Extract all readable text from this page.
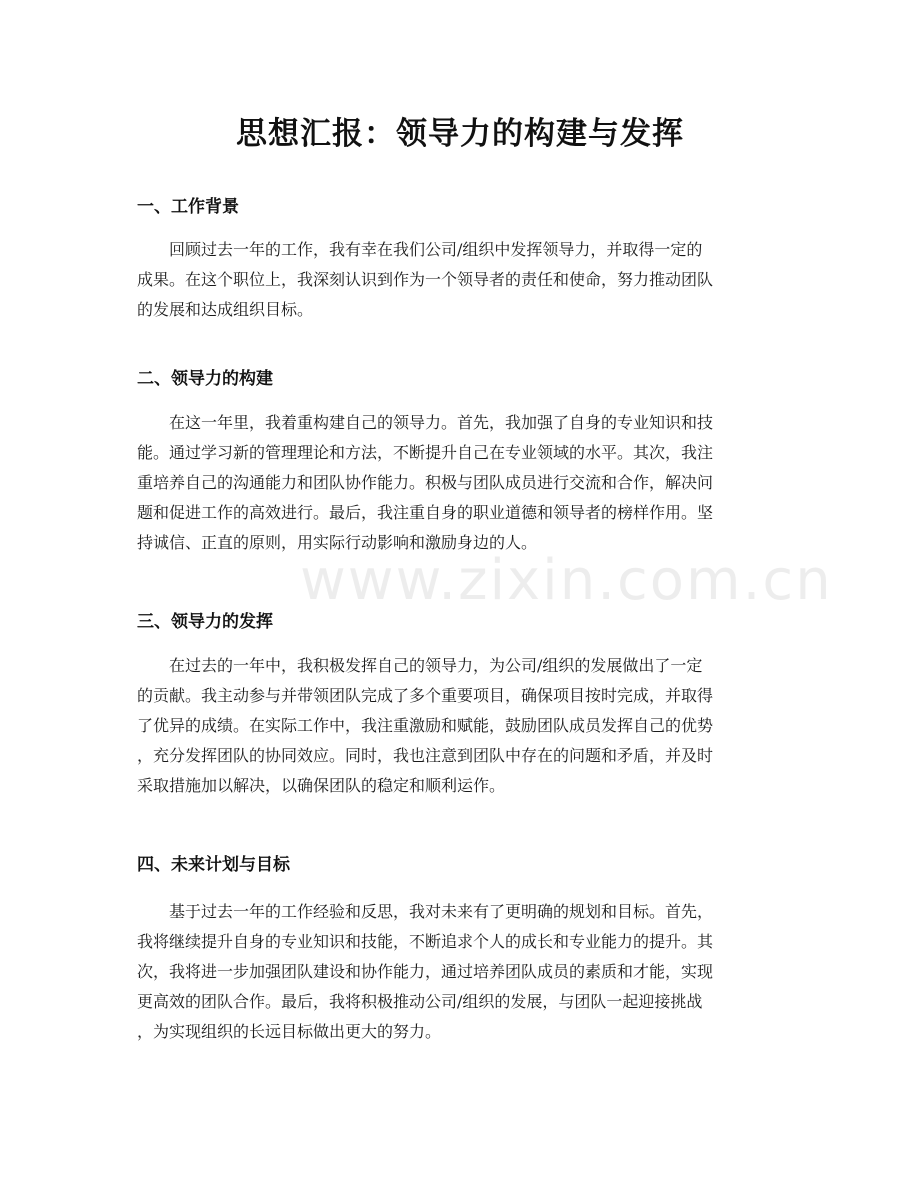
思想汇报：领导力的构建与发挥
www.zixin.com.cn
一、工作背景
回顾过去一年的工作，我有幸在我们公司/组织中发挥领导力，并取得一定的
成果。在这个职位上，我深刻认识到作为一个领导者的责任和使命，努力推动团队
的发展和达成组织目标。
二、领导力的构建
在这一年里，我着重构建自己的领导力。首先，我加强了自身的专业知识和技
能。通过学习新的管理理论和方法，不断提升自己在专业领域的水平。其次，我注
重培养自己的沟通能力和团队协作能力。积极与团队成员进行交流和合作，解决问
题和促进工作的高效进行。最后，我注重自身的职业道德和领导者的榜样作用。坚
持诚信、正直的原则，用实际行动影响和激励身边的人。
三、领导力的发挥
在过去的一年中，我积极发挥自己的领导力，为公司/组织的发展做出了一定
的贡献。我主动参与并带领团队完成了多个重要项目，确保项目按时完成，并取得
了优异的成绩。在实际工作中，我注重激励和赋能，鼓励团队成员发挥自己的优势
，充分发挥团队的协同效应。同时，我也注意到团队中存在的问题和矛盾，并及时
采取措施加以解决，以确保团队的稳定和顺利运作。
四、未来计划与目标
基于过去一年的工作经验和反思，我对未来有了更明确的规划和目标。首先，
我将继续提升自身的专业知识和技能，不断追求个人的成长和专业能力的提升。其
次，我将进一步加强团队建设和协作能力，通过培养团队成员的素质和才能，实现
更高效的团队合作。最后，我将积极推动公司/组织的发展，与团队一起迎接挑战
，为实现组织的长远目标做出更大的努力。
